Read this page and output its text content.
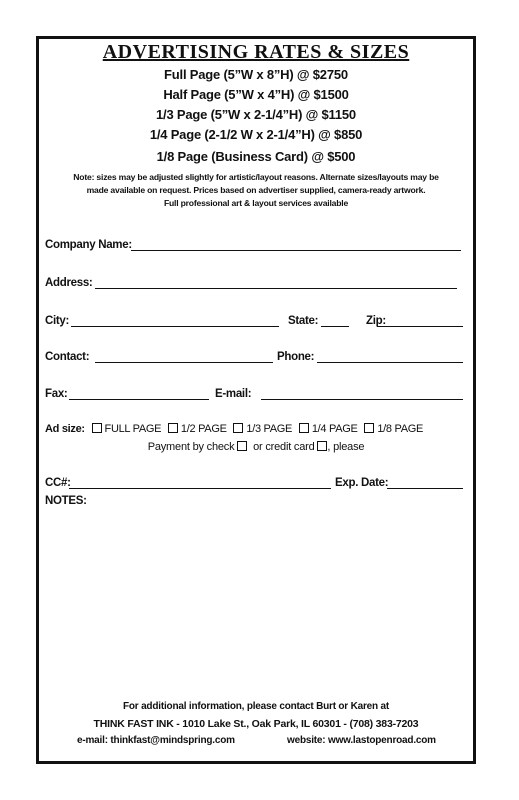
ADVERTISING RATES & SIZES
Full Page (5”W x 8”H) @ $2750
Half Page (5”W x 4”H) @ $1500
1/3 Page (5”W x 2-1/4”H) @ $1150
1/4 Page (2-1/2 W x 2-1/4”H) @ $850
1/8 Page (Business Card) @ $500
Note: sizes may be adjusted slightly for artistic/layout reasons. Alternate sizes/layouts may be
made available on request. Prices based on advertiser supplied, camera-ready artwork.
Full professional art & layout services available
Company Name:
Address:
City:	State:	Zip:
Contact:	Phone:
Fax:	E-mail:
Ad size: FULL PAGE 1/2 PAGE 1/3 PAGE 1/4 PAGE 1/8 PAGE
Payment by check or credit card , please
CC#:	Exp. Date:
NOTES:
For additional information, please contact Burt or Karen at
THINK FAST INK - 1010 Lake St., Oak Park, IL 60301 - (708) 383-7203
e-mail: thinkfast@mindspring.com	website: www.lastopenroad.com
